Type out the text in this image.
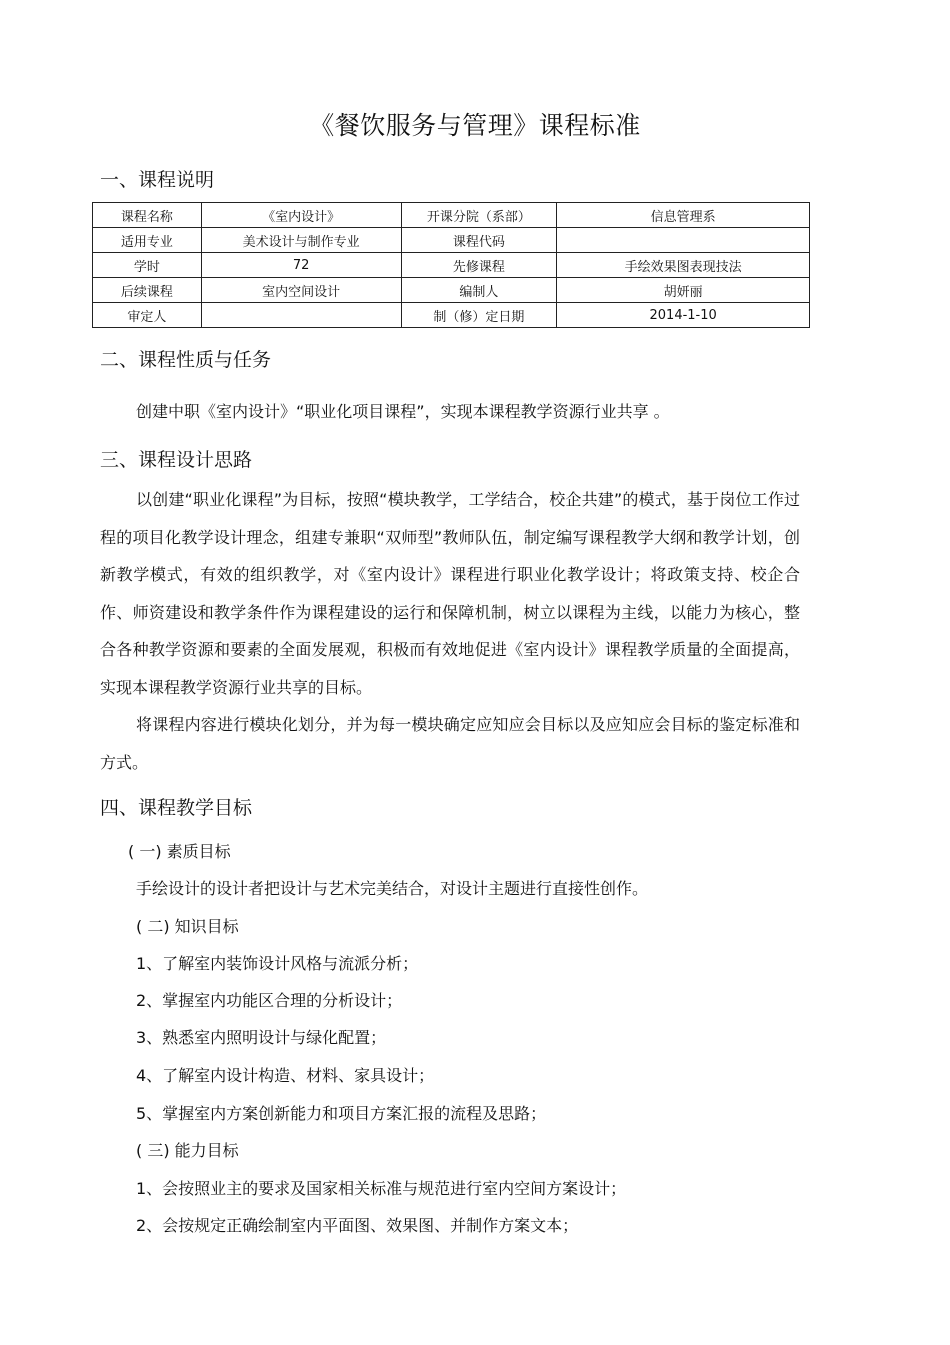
《餐饮服务与管理》课程标准
一、课程说明
课程名称	《室内设计》	开课分院（系部）	信息管理系
适用专业	美术设计与制作专业	课程代码	
学时	72	先修课程	手绘效果图表现技法
后续课程	室内空间设计	编制人	胡妍丽
审定人		制（修）定日期	2014-1-10
二、课程性质与任务
创建中职《室内设计》“职业化项目课程”，实现本课程教学资源行业共享 。
三、课程设计思路

以创建“职业化课程”为目标，按照“模块教学，工学结合，校企共建”的模式，基于岗位工作过程的项目化教学设计理念，组建专兼职“双师型”教师队伍，制定编写课程教学大纲和教学计划，创新教学模式，有效的组织教学，对《室内设计》课程进行职业化教学设计；将政策支持、校企合作、师资建设和教学条件作为课程建设的运行和保障机制，树立以课程为主线，以能力为核心，整合各种教学资源和要素的全面发展观，积极而有效地促进《室内设计》课程教学质量的全面提高，实现本课程教学资源行业共享的目标。

将课程内容进行模块化划分，并为每一模块确定应知应会目标以及应知应会目标的鉴定标准和方式。

四、课程教学目标
( 一) 素质目标
手绘设计的设计者把设计与艺术完美结合，对设计主题进行直接性创作。
( 二) 知识目标
1、了解室内装饰设计风格与流派分析；
2、掌握室内功能区合理的分析设计；
3、熟悉室内照明设计与绿化配置；
4、了解室内设计构造、材料、家具设计；
5、掌握室内方案创新能力和项目方案汇报的流程及思路；
( 三) 能力目标
1、会按照业主的要求及国家相关标准与规范进行室内空间方案设计；
2、会按规定正确绘制室内平面图、效果图、并制作方案文本；
